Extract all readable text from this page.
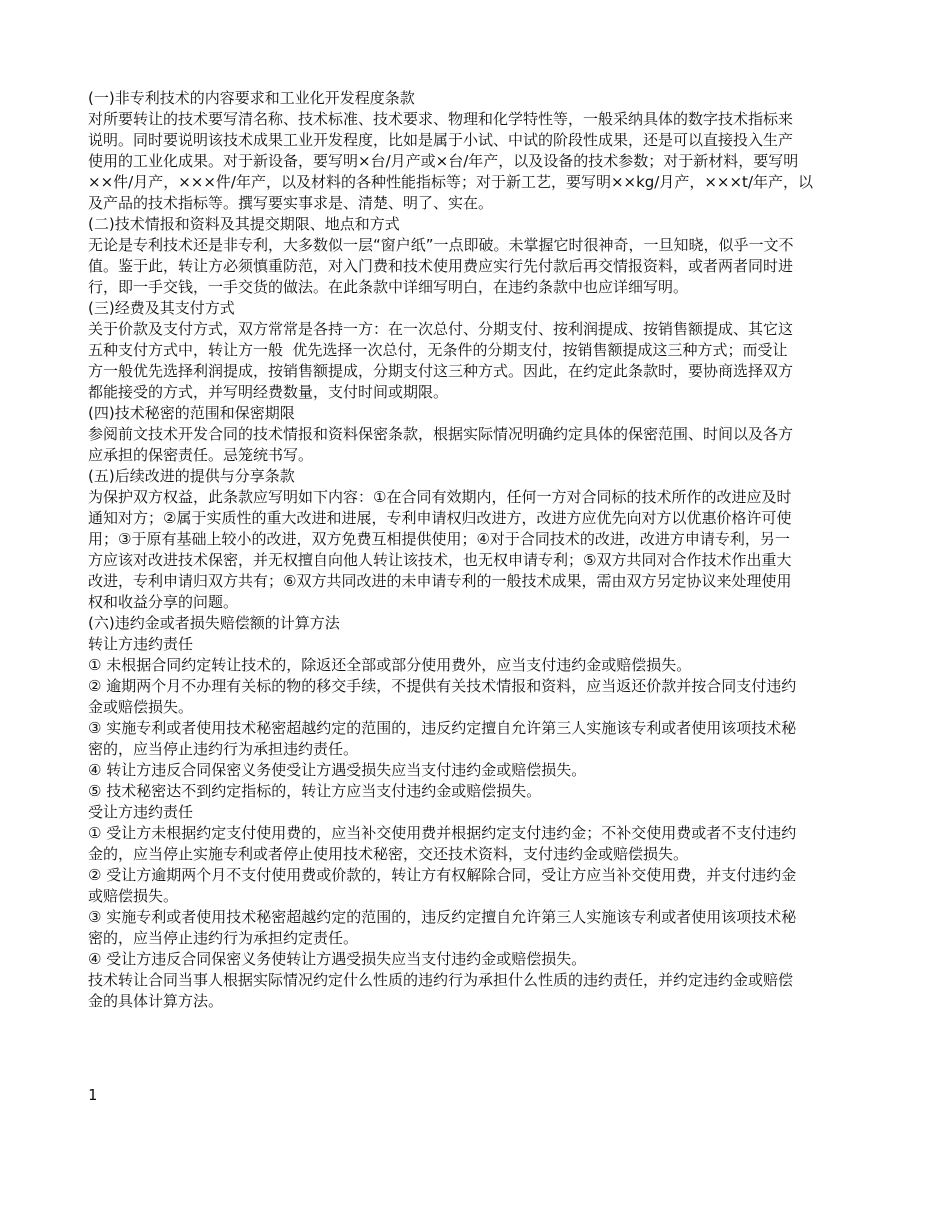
(一)非专利技术的内容要求和工业化开发程度条款

对所要转让的技术要写清名称、技术标准、技术要求、物理和化学特性等，一般采纳具体的数字技术指标来

说明。同时要说明该技术成果工业开发程度，比如是属于小试、中试的阶段性成果，还是可以直接投入生产

使用的工业化成果。对于新设备，要写明×台/月产或×台/年产，以及设备的技术参数；对于新材料，要写明

××件/月产，×××件/年产，以及材料的各种性能指标等；对于新工艺，要写明××kg/月产，×××t/年产，以

及产品的技术指标等。撰写要实事求是、清楚、明了、实在。

(二)技术情报和资料及其提交期限、地点和方式

无论是专利技术还是非专利，大多数似一层“窗户纸”一点即破。未掌握它时很神奇，一旦知晓，似乎一文不

值。鉴于此，转让方必须慎重防范，对入门费和技术使用费应实行先付款后再交情报资料，或者两者同时进

行，即一手交钱，一手交货的做法。在此条款中详细写明白，在违约条款中也应详细写明。

(三)经费及其支付方式

关于价款及支付方式，双方常常是各持一方：在一次总付、分期支付、按利润提成、按销售额提成、其它这

五种支付方式中，转让方一般  优先选择一次总付，无条件的分期支付，按销售额提成这三种方式；而受让

方一般优先选择利润提成，按销售额提成，分期支付这三种方式。因此，在约定此条款时，要协商选择双方

都能接受的方式，并写明经费数量，支付时间或期限。

(四)技术秘密的范围和保密期限

参阅前文技术开发合同的技术情报和资料保密条款，根据实际情况明确约定具体的保密范围、时间以及各方

应承担的保密责任。忌笼统书写。

(五)后续改进的提供与分享条款

为保护双方权益，此条款应写明如下内容：①在合同有效期内，任何一方对合同标的技术所作的改进应及时

通知对方；②属于实质性的重大改进和进展，专利申请权归改进方，改进方应优先向对方以优惠价格许可使

用；③于原有基础上较小的改进，双方免费互相提供使用；④对于合同技术的改进，改进方申请专利，另一

方应该对改进技术保密，并无权擅自向他人转让该技术，也无权申请专利；⑤双方共同对合作技术作出重大

改进，专利申请归双方共有；⑥双方共同改进的未申请专利的一般技术成果，需由双方另定协议来处理使用

权和收益分享的问题。

(六)违约金或者损失赔偿额的计算方法

转让方违约责任

① 未根据合同约定转让技术的，除返还全部或部分使用费外，应当支付违约金或赔偿损失。

② 逾期两个月不办理有关标的物的移交手续，不提供有关技术情报和资料，应当返还价款并按合同支付违约

金或赔偿损失。

③ 实施专利或者使用技术秘密超越约定的范围的，违反约定擅自允许第三人实施该专利或者使用该项技术秘

密的，应当停止违约行为承担违约责任。

④ 转让方违反合同保密义务使受让方遇受损失应当支付违约金或赔偿损失。

⑤ 技术秘密达不到约定指标的，转让方应当支付违约金或赔偿损失。

受让方违约责任

① 受让方未根据约定支付使用费的，应当补交使用费并根据约定支付违约金；不补交使用费或者不支付违约

金的，应当停止实施专利或者停止使用技术秘密，交还技术资料，支付违约金或赔偿损失。

② 受让方逾期两个月不支付使用费或价款的，转让方有权解除合同，受让方应当补交使用费，并支付违约金

或赔偿损失。

③ 实施专利或者使用技术秘密超越约定的范围的，违反约定擅自允许第三人实施该专利或者使用该项技术秘

密的，应当停止违约行为承担约定责任。

④ 受让方违反合同保密义务使转让方遇受损失应当支付违约金或赔偿损失。

技术转让合同当事人根据实际情况约定什么性质的违约行为承担什么性质的违约责任，并约定违约金或赔偿

金的具体计算方法。

1
